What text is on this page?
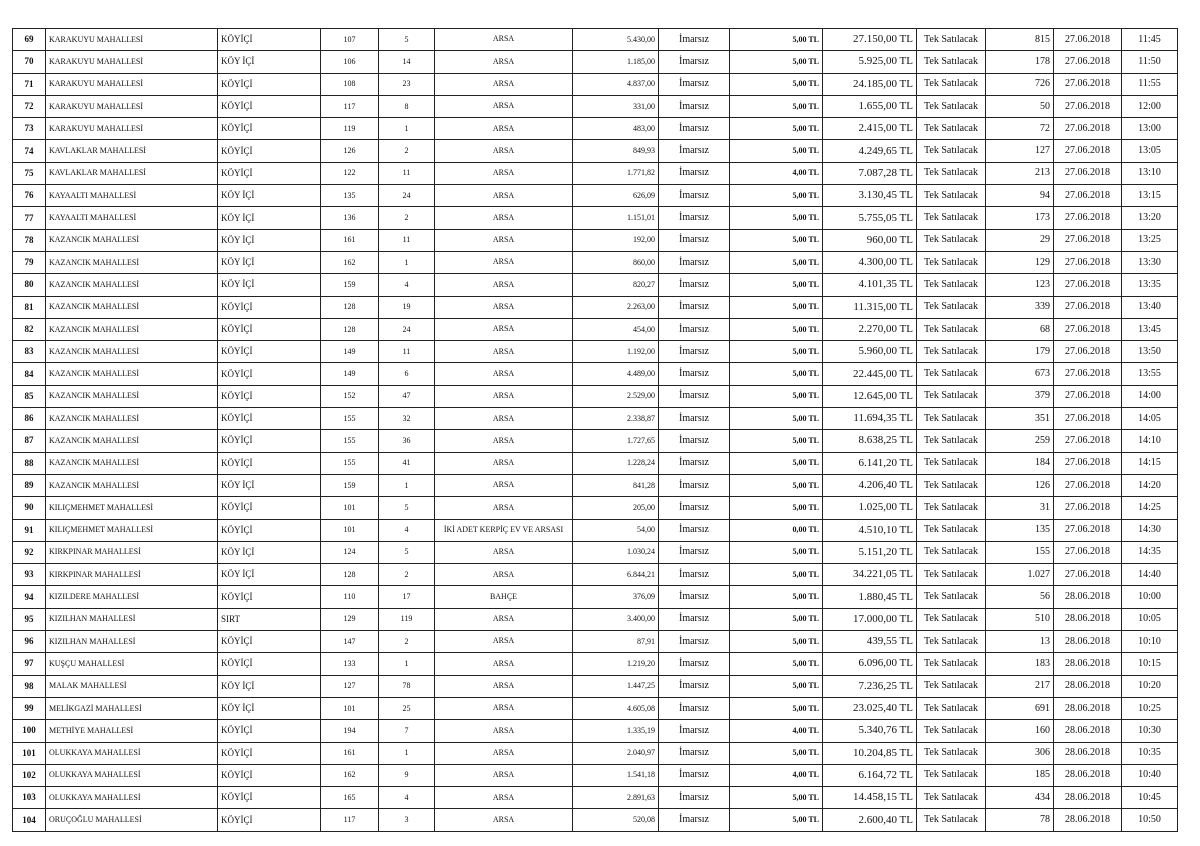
69	KARAKUYU MAHALLESİ	KÖYİÇİ	107	5	ARSA	5.430,00	İmarsız	5,00 TL	27.150,00 TL	Tek Satılacak	815	27.06.2018	11:45
70	KARAKUYU MAHALLESİ	KÖY İÇİ	106	14	ARSA	1.185,00	İmarsız	5,00 TL	5.925,00 TL	Tek Satılacak	178	27.06.2018	11:50
71	KARAKUYU MAHALLESİ	KÖYİÇİ	108	23	ARSA	4.837,00	İmarsız	5,00 TL	24.185,00 TL	Tek Satılacak	726	27.06.2018	11:55
72	KARAKUYU MAHALLESİ	KÖYİÇİ	117	8	ARSA	331,00	İmarsız	5,00 TL	1.655,00 TL	Tek Satılacak	50	27.06.2018	12:00
73	KARAKUYU MAHALLESİ	KÖYİÇİ	119	1	ARSA	483,00	İmarsız	5,00 TL	2.415,00 TL	Tek Satılacak	72	27.06.2018	13:00
74	KAVLAKLAR MAHALLESİ	KÖYİÇİ	126	2	ARSA	849,93	İmarsız	5,00 TL	4.249,65 TL	Tek Satılacak	127	27.06.2018	13:05
75	KAVLAKLAR MAHALLESİ	KÖYİÇİ	122	11	ARSA	1.771,82	İmarsız	4,00 TL	7.087,28 TL	Tek Satılacak	213	27.06.2018	13:10
76	KAYAALTI MAHALLESİ	KÖY İÇİ	135	24	ARSA	626,09	İmarsız	5,00 TL	3.130,45 TL	Tek Satılacak	94	27.06.2018	13:15
77	KAYAALTI MAHALLESİ	KÖY İÇİ	136	2	ARSA	1.151,01	İmarsız	5,00 TL	5.755,05 TL	Tek Satılacak	173	27.06.2018	13:20
78	KAZANCIK MAHALLESİ	KÖY İÇİ	161	11	ARSA	192,00	İmarsız	5,00 TL	960,00 TL	Tek Satılacak	29	27.06.2018	13:25
79	KAZANCIK MAHALLESİ	KÖY İÇİ	162	1	ARSA	860,00	İmarsız	5,00 TL	4.300,00 TL	Tek Satılacak	129	27.06.2018	13:30
80	KAZANCIK MAHALLESİ	KÖY İÇİ	159	4	ARSA	820,27	İmarsız	5,00 TL	4.101,35 TL	Tek Satılacak	123	27.06.2018	13:35
81	KAZANCIK MAHALLESİ	KÖYİÇİ	128	19	ARSA	2.263,00	İmarsız	5,00 TL	11.315,00 TL	Tek Satılacak	339	27.06.2018	13:40
82	KAZANCIK MAHALLESİ	KÖYİÇİ	128	24	ARSA	454,00	İmarsız	5,00 TL	2.270,00 TL	Tek Satılacak	68	27.06.2018	13:45
83	KAZANCIK MAHALLESİ	KÖYİÇİ	149	11	ARSA	1.192,00	İmarsız	5,00 TL	5.960,00 TL	Tek Satılacak	179	27.06.2018	13:50
84	KAZANCIK MAHALLESİ	KÖYİÇİ	149	6	ARSA	4.489,00	İmarsız	5,00 TL	22.445,00 TL	Tek Satılacak	673	27.06.2018	13:55
85	KAZANCIK MAHALLESİ	KÖYİÇİ	152	47	ARSA	2.529,00	İmarsız	5,00 TL	12.645,00 TL	Tek Satılacak	379	27.06.2018	14:00
86	KAZANCIK MAHALLESİ	KÖYİÇİ	155	32	ARSA	2.338,87	İmarsız	5,00 TL	11.694,35 TL	Tek Satılacak	351	27.06.2018	14:05
87	KAZANCIK MAHALLESİ	KÖYİÇİ	155	36	ARSA	1.727,65	İmarsız	5,00 TL	8.638,25 TL	Tek Satılacak	259	27.06.2018	14:10
88	KAZANCIK MAHALLESİ	KÖYİÇİ	155	41	ARSA	1.228,24	İmarsız	5,00 TL	6.141,20 TL	Tek Satılacak	184	27.06.2018	14:15
89	KAZANCIK MAHALLESİ	KÖY İÇİ	159	1	ARSA	841,28	İmarsız	5,00 TL	4.206,40 TL	Tek Satılacak	126	27.06.2018	14:20
90	KILIÇMEHMET MAHALLESİ	KÖYİÇİ	101	5	ARSA	205,00	İmarsız	5,00 TL	1.025,00 TL	Tek Satılacak	31	27.06.2018	14:25
91	KILIÇMEHMET MAHALLESİ	KÖYİÇİ	101	4	İKİ ADET KERPİÇ EV VE ARSASI	54,00	İmarsız	0,00 TL	4.510,10 TL	Tek Satılacak	135	27.06.2018	14:30
92	KIRKPINAR MAHALLESİ	KÖY İÇİ	124	5	ARSA	1.030,24	İmarsız	5,00 TL	5.151,20 TL	Tek Satılacak	155	27.06.2018	14:35
93	KIRKPINAR MAHALLESİ	KÖY İÇİ	128	2	ARSA	6.844,21	İmarsız	5,00 TL	34.221,05 TL	Tek Satılacak	1.027	27.06.2018	14:40
94	KIZILDERE MAHALLESİ	KÖYİÇİ	110	17	BAHÇE	376,09	İmarsız	5,00 TL	1.880,45 TL	Tek Satılacak	56	28.06.2018	10:00
95	KIZILHAN MAHALLESİ	SIRT	129	119	ARSA	3.400,00	İmarsız	5,00 TL	17.000,00 TL	Tek Satılacak	510	28.06.2018	10:05
96	KIZILHAN MAHALLESİ	KÖYİÇİ	147	2	ARSA	87,91	İmarsız	5,00 TL	439,55 TL	Tek Satılacak	13	28.06.2018	10:10
97	KUŞÇU MAHALLESİ	KÖYİÇİ	133	1	ARSA	1.219,20	İmarsız	5,00 TL	6.096,00 TL	Tek Satılacak	183	28.06.2018	10:15
98	MALAK MAHALLESİ	KÖY İÇİ	127	78	ARSA	1.447,25	İmarsız	5,00 TL	7.236,25 TL	Tek Satılacak	217	28.06.2018	10:20
99	MELİKGAZİ MAHALLESİ	KÖY İÇİ	101	25	ARSA	4.605,08	İmarsız	5,00 TL	23.025,40 TL	Tek Satılacak	691	28.06.2018	10:25
100	METHİYE MAHALLESİ	KÖYİÇİ	194	7	ARSA	1.335,19	İmarsız	4,00 TL	5.340,76 TL	Tek Satılacak	160	28.06.2018	10:30
101	OLUKKAYA MAHALLESİ	KÖYİÇİ	161	1	ARSA	2.040,97	İmarsız	5,00 TL	10.204,85 TL	Tek Satılacak	306	28.06.2018	10:35
102	OLUKKAYA MAHALLESİ	KÖYİÇİ	162	9	ARSA	1.541,18	İmarsız	4,00 TL	6.164,72 TL	Tek Satılacak	185	28.06.2018	10:40
103	OLUKKAYA MAHALLESİ	KÖYİÇİ	165	4	ARSA	2.891,63	İmarsız	5,00 TL	14.458,15 TL	Tek Satılacak	434	28.06.2018	10:45
104	ORUÇOĞLU MAHALLESİ	KÖYİÇİ	117	3	ARSA	520,08	İmarsız	5,00 TL	2.600,40 TL	Tek Satılacak	78	28.06.2018	10:50
